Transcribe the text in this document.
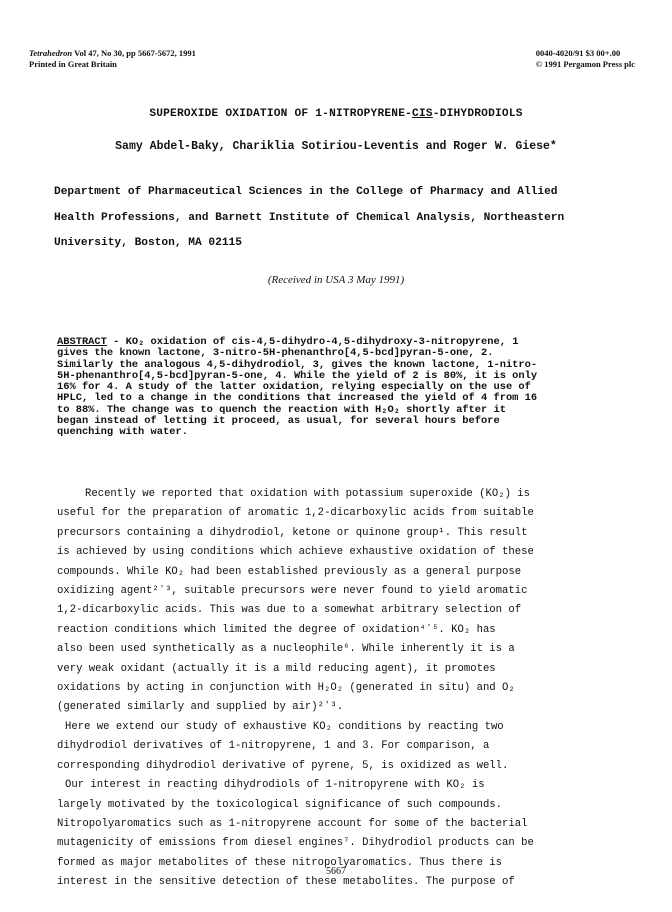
Tetrahedron Vol 47, No 30, pp 5667-5672, 1991
Printed in Great Britain
0040-4020/91 $3 00+.00
© 1991 Pergamon Press plc
SUPEROXIDE OXIDATION OF 1-NITROPYRENE-CIS-DIHYDRODIOLS
Samy Abdel-Baky, Chariklia Sotiriou-Leventis and Roger W. Giese*
Department of Pharmaceutical Sciences in the College of Pharmacy and Allied
Health Professions, and Barnett Institute of Chemical Analysis, Northeastern
University, Boston, MA 02115
(Received in USA 3 May 1991)
ABSTRACT - KO₂ oxidation of cis-4,5-dihydro-4,5-dihydroxy-3-nitropyrene, 1
gives the known lactone, 3-nitro-5H-phenanthro[4,5-bcd]pyran-5-one, 2.
Similarly the analogous 4,5-dihydrodiol, 3, gives the known lactone, 1-nitro-
5H-phenanthro[4,5-bcd]pyran-5-one, 4. While the yield of 2 is 80%, it is only
16% for 4. A study of the latter oxidation, relying especially on the use of
HPLC, led to a change in the conditions that increased the yield of 4 from 16
to 88%. The change was to quench the reaction with H₂O₂ shortly after it
began instead of letting it proceed, as usual, for several hours before
quenching with water.
Recently we reported that oxidation with potassium superoxide (KO₂) is
useful for the preparation of aromatic 1,2-dicarboxylic acids from suitable
precursors containing a dihydrodiol, ketone or quinone group¹. This result
is achieved by using conditions which achieve exhaustive oxidation of these
compounds. While KO₂ had been established previously as a general purpose
oxidizing agent²ʼ³, suitable precursors were never found to yield aromatic
1,2-dicarboxylic acids. This was due to a somewhat arbitrary selection of
reaction conditions which limited the degree of oxidation⁴ʼ⁵. KO₂ has
also been used synthetically as a nucleophile⁶. While inherently it is a
very weak oxidant (actually it is a mild reducing agent), it promotes
oxidations by acting in conjunction with H₂O₂ (generated in situ) and O₂
(generated similarly and supplied by air)²ʼ³.
Here we extend our study of exhaustive KO₂ conditions by reacting two
dihydrodiol derivatives of 1-nitropyrene, 1 and 3. For comparison, a
corresponding dihydrodiol derivative of pyrene, 5, is oxidized as well.
Our interest in reacting dihydrodiols of 1-nitropyrene with KO₂ is
largely motivated by the toxicological significance of such compounds.
Nitropolyaromatics such as 1-nitropyrene account for some of the bacterial
mutagenicity of emissions from diesel engines⁷. Dihydrodiol products can be
formed as major metabolites of these nitropolyaromatics. Thus there is
interest in the sensitive detection of these metabolites. The purpose of
5667
